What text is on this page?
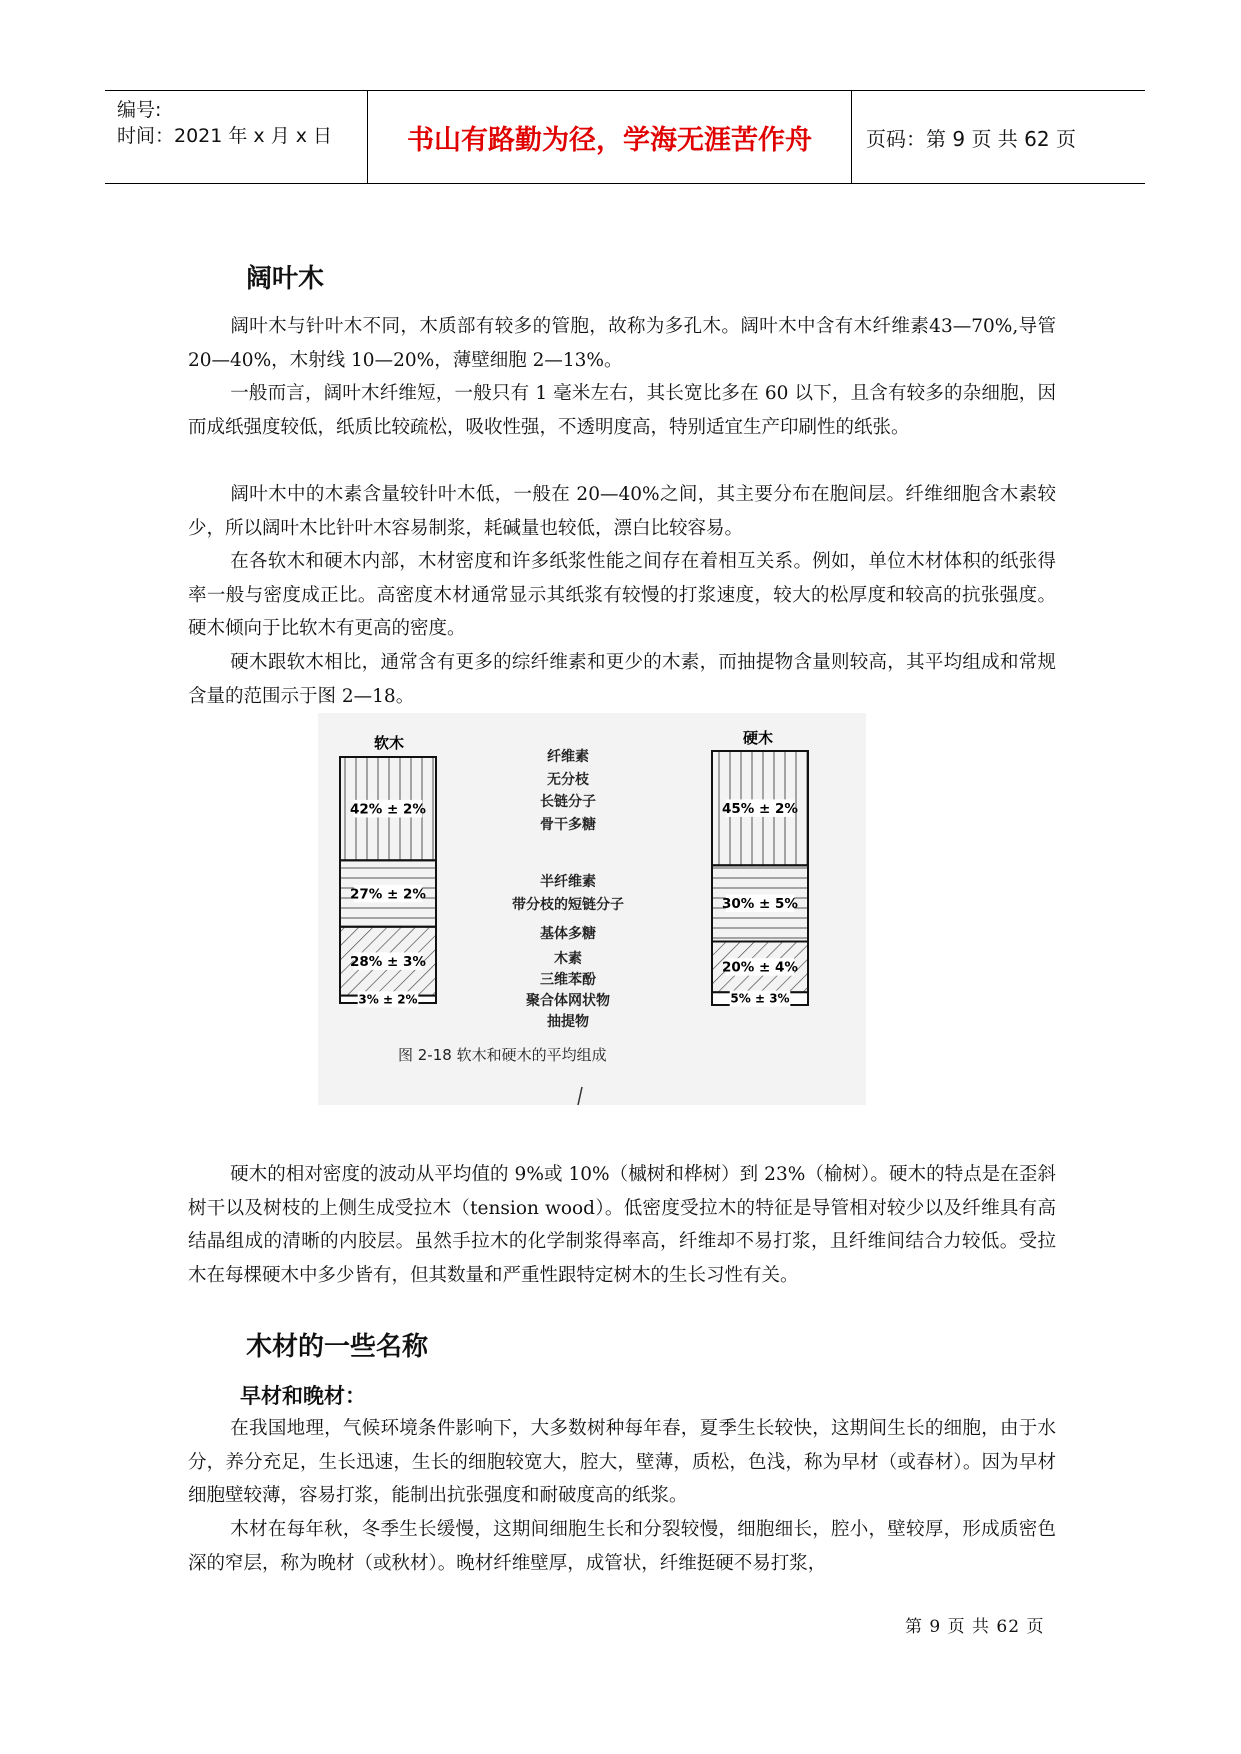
编号:
时间：2021 年 x 月 x 日	书山有路勤为径，学海无涯苦作舟	页码：第 9 页 共 62 页
阔叶木

阔叶木与针叶木不同，木质部有较多的管胞，故称为多孔木。阔叶木中含有木纤维素43—70%,导管 20—40%，木射线 10—20%，薄壁细胞 2—13%。

一般而言，阔叶木纤维短，一般只有 1 毫米左右，其长宽比多在 60 以下，且含有较多的杂细胞，因而成纸强度较低，纸质比较疏松，吸收性强，不透明度高，特别适宜生产印刷性的纸张。

阔叶木中的木素含量较针叶木低，一般在 20—40%之间，其主要分布在胞间层。纤维细胞含木素较少，所以阔叶木比针叶木容易制浆，耗碱量也较低，漂白比较容易。

在各软木和硬木内部，木材密度和许多纸浆性能之间存在着相互关系。例如，单位木材体积的纸张得率一般与密度成正比。高密度木材通常显示其纸浆有较慢的打浆速度，较大的松厚度和较高的抗张强度。硬木倾向于比软木有更高的密度。

硬木跟软木相比，通常含有更多的综纤维素和更少的木素，而抽提物含量则较高，其平均组成和常规含量的范围示于图 2—18。

42% ± 2%
27% ± 2%
28% ± 3%
3% ± 2%
45% ± 2%
30% ± 5%
20% ± 4%
5% ± 3%
软木	硬木
纤维素
无分枝
长链分子
骨干多糖
半纤维素
带分枝的短链分子
基体多糖
木素
三维苯酚
聚合体网状物
抽提物
图 2-18 软木和硬木的平均组成

硬木的相对密度的波动从平均值的 9%或 10%（槭树和桦树）到 23%（榆树）。硬木的特点是在歪斜树干以及树枝的上侧生成受拉木（tension wood）。低密度受拉木的特征是导管相对较少以及纤维具有高结晶组成的清晰的内胶层。虽然手拉木的化学制浆得率高，纤维却不易打浆，且纤维间结合力较低。受拉木在每棵硬木中多少皆有，但其数量和严重性跟特定树木的生长习性有关。

木材的一些名称
早材和晚材：

在我国地理，气候环境条件影响下，大多数树种每年春，夏季生长较快，这期间生长的细胞，由于水分，养分充足，生长迅速，生长的细胞较宽大，腔大，壁薄，质松，色浅，称为早材（或春材）。因为早材细胞壁较薄，容易打浆，能制出抗张强度和耐破度高的纸浆。

木材在每年秋，冬季生长缓慢，这期间细胞生长和分裂较慢，细胞细长，腔小，壁较厚，形成质密色深的窄层，称为晚材（或秋材）。晚材纤维壁厚，成管状，纤维挺硬不易打浆，

第 9 页 共 62 页
